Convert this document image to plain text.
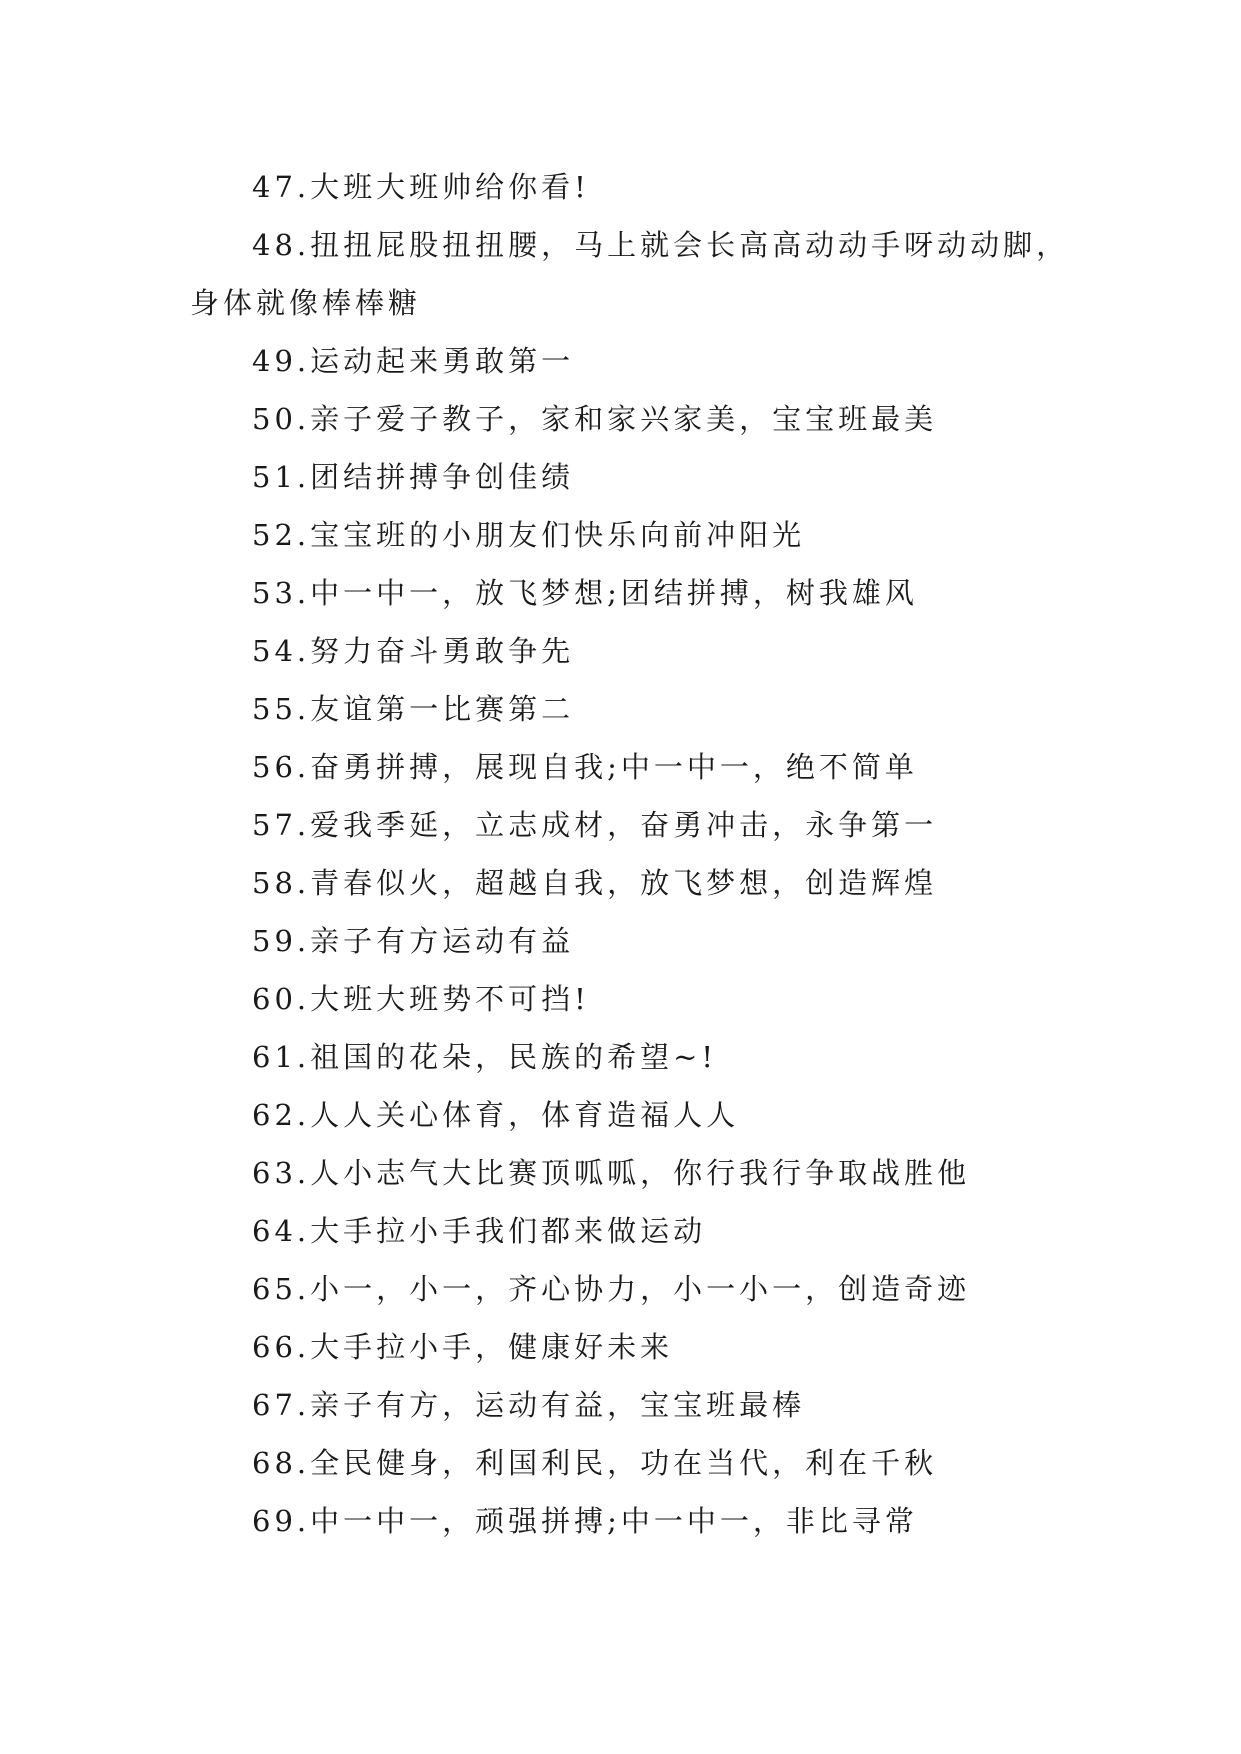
47.大班大班帅给你看!

48.扭扭屁股扭扭腰，马上就会长高高动动手呀动动脚，身体就像棒棒糖

49.运动起来勇敢第一

50.亲子爱子教子，家和家兴家美，宝宝班最美

51.团结拼搏争创佳绩

52.宝宝班的小朋友们快乐向前冲阳光

53.中一中一，放飞梦想;团结拼搏，树我雄风

54.努力奋斗勇敢争先

55.友谊第一比赛第二

56.奋勇拼搏，展现自我;中一中一，绝不简单

57.爱我季延，立志成材，奋勇冲击，永争第一

58.青春似火，超越自我，放飞梦想，创造辉煌

59.亲子有方运动有益

60.大班大班势不可挡!

61.祖国的花朵，民族的希望~!

62.人人关心体育，体育造福人人

63.人小志气大比赛顶呱呱，你行我行争取战胜他

64.大手拉小手我们都来做运动

65.小一，小一，齐心协力，小一小一，创造奇迹

66.大手拉小手，健康好未来

67.亲子有方，运动有益，宝宝班最棒

68.全民健身，利国利民，功在当代，利在千秋

69.中一中一，顽强拼搏;中一中一，非比寻常
